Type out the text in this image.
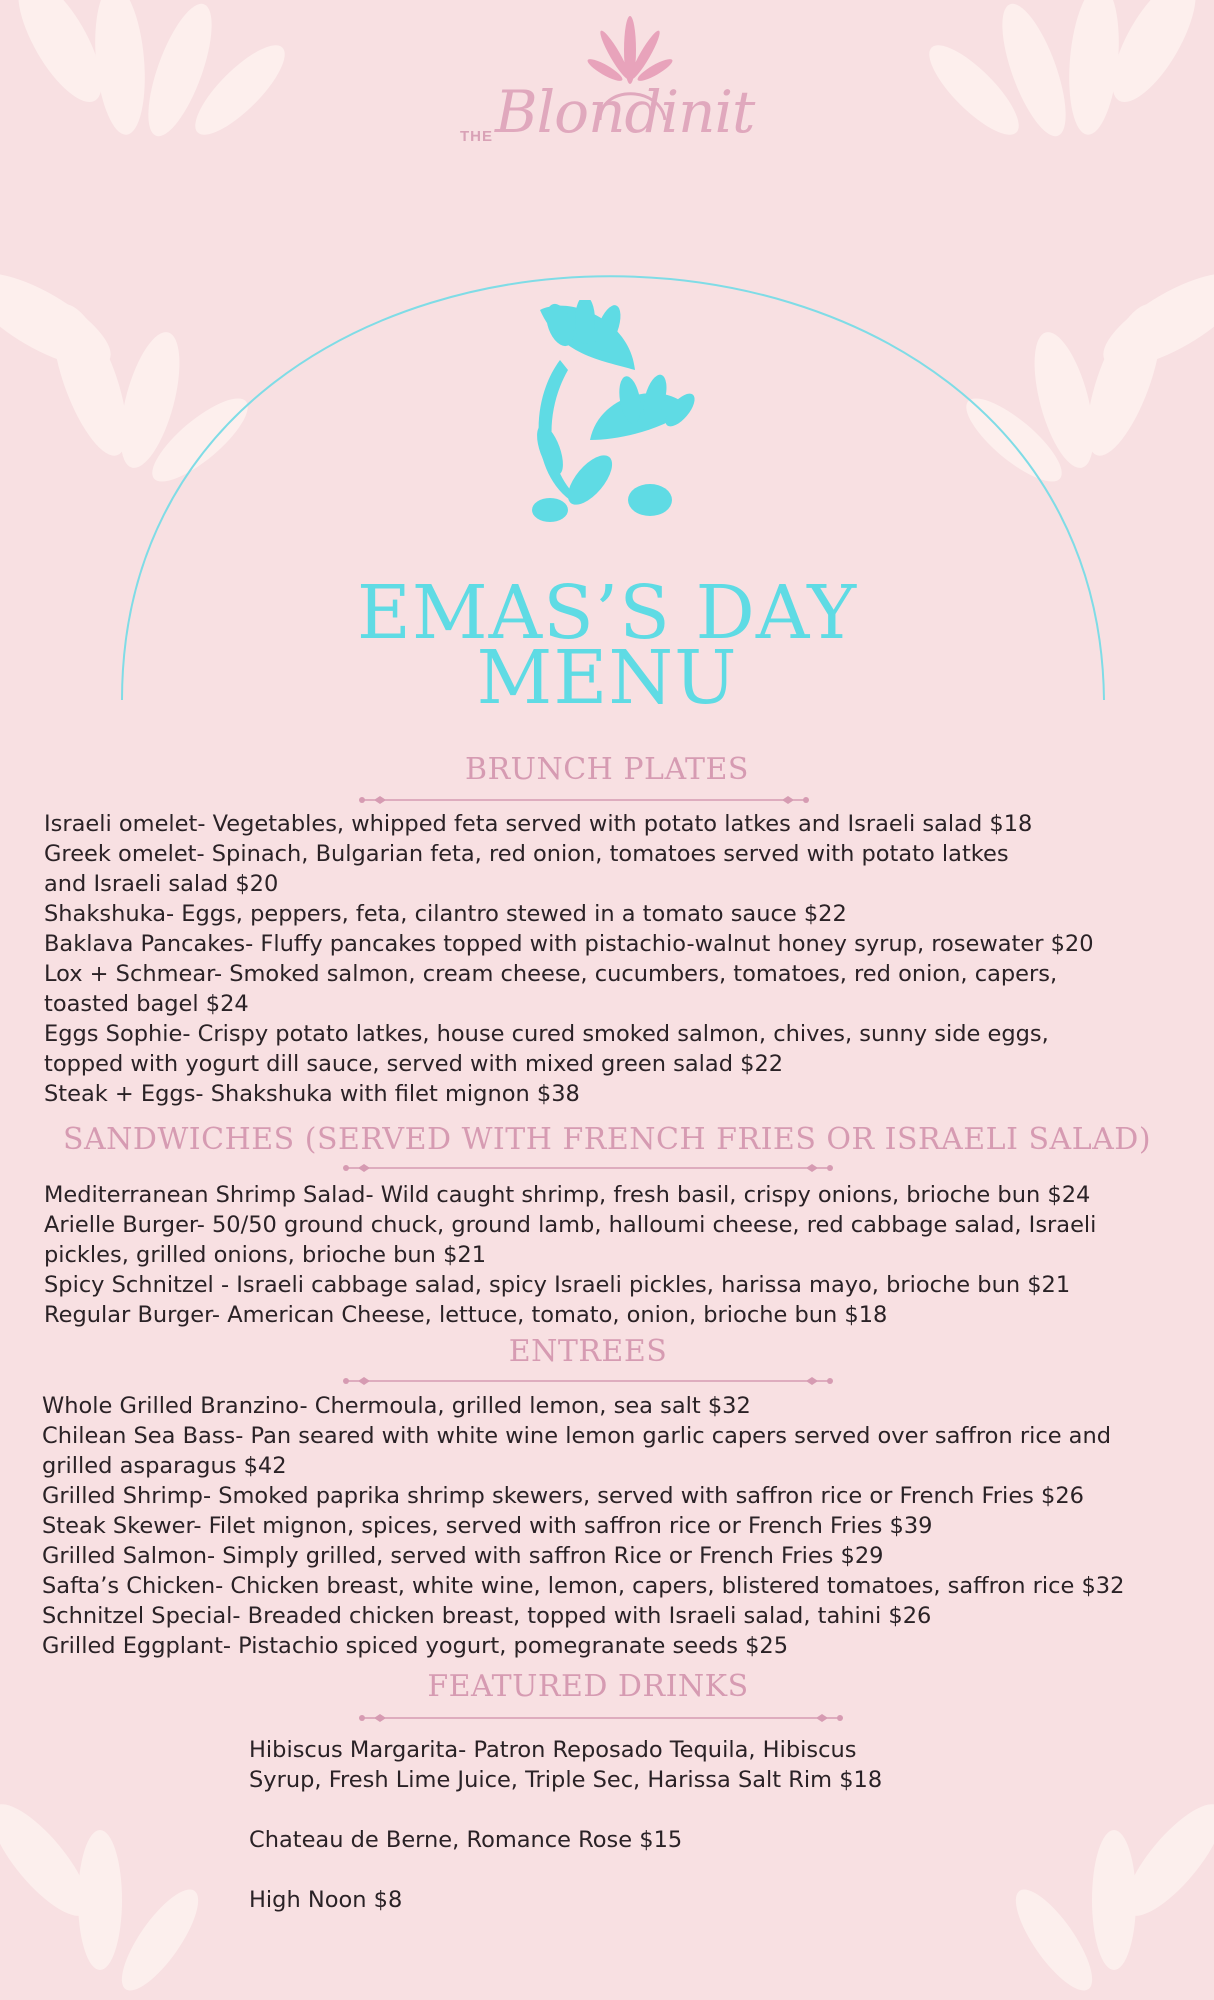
THE Blondinit
EMAS’S DAY
MENU
BRUNCH PLATES
Israeli omelet- Vegetables, whipped feta served with potato latkes and Israeli salad $18
Greek omelet- Spinach, Bulgarian feta, red onion, tomatoes served with potato latkes
and Israeli salad $20
Shakshuka- Eggs, peppers, feta, cilantro stewed in a tomato sauce $22
Baklava Pancakes- Fluffy pancakes topped with pistachio-walnut honey syrup, rosewater $20
Lox + Schmear- Smoked salmon, cream cheese, cucumbers, tomatoes, red onion, capers,
toasted bagel $24
Eggs Sophie- Crispy potato latkes, house cured smoked salmon, chives, sunny side eggs,
topped with yogurt dill sauce, served with mixed green salad $22
Steak + Eggs- Shakshuka with filet mignon $38
SANDWICHES (SERVED WITH FRENCH FRIES OR ISRAELI SALAD)
Mediterranean Shrimp Salad- Wild caught shrimp, fresh basil, crispy onions, brioche bun $24
Arielle Burger- 50/50 ground chuck, ground lamb, halloumi cheese, red cabbage salad, Israeli
pickles, grilled onions, brioche bun $21
Spicy Schnitzel - Israeli cabbage salad, spicy Israeli pickles, harissa mayo, brioche bun $21
Regular Burger- American Cheese, lettuce, tomato, onion, brioche bun $18
ENTREES
Whole Grilled Branzino- Chermoula, grilled lemon, sea salt $32
Chilean Sea Bass- Pan seared with white wine lemon garlic capers served over saffron rice and
grilled asparagus $42
Grilled Shrimp- Smoked paprika shrimp skewers, served with saffron rice or French Fries $26
Steak Skewer- Filet mignon, spices, served with saffron rice or French Fries $39
Grilled Salmon- Simply grilled, served with saffron Rice or French Fries $29
Safta’s Chicken- Chicken breast, white wine, lemon, capers, blistered tomatoes, saffron rice $32
Schnitzel Special- Breaded chicken breast, topped with Israeli salad, tahini $26
Grilled Eggplant- Pistachio spiced yogurt, pomegranate seeds $25
FEATURED DRINKS
Hibiscus Margarita- Patron Reposado Tequila, Hibiscus
Syrup, Fresh Lime Juice, Triple Sec, Harissa Salt Rim $18
Chateau de Berne, Romance Rose $15
High Noon $8
